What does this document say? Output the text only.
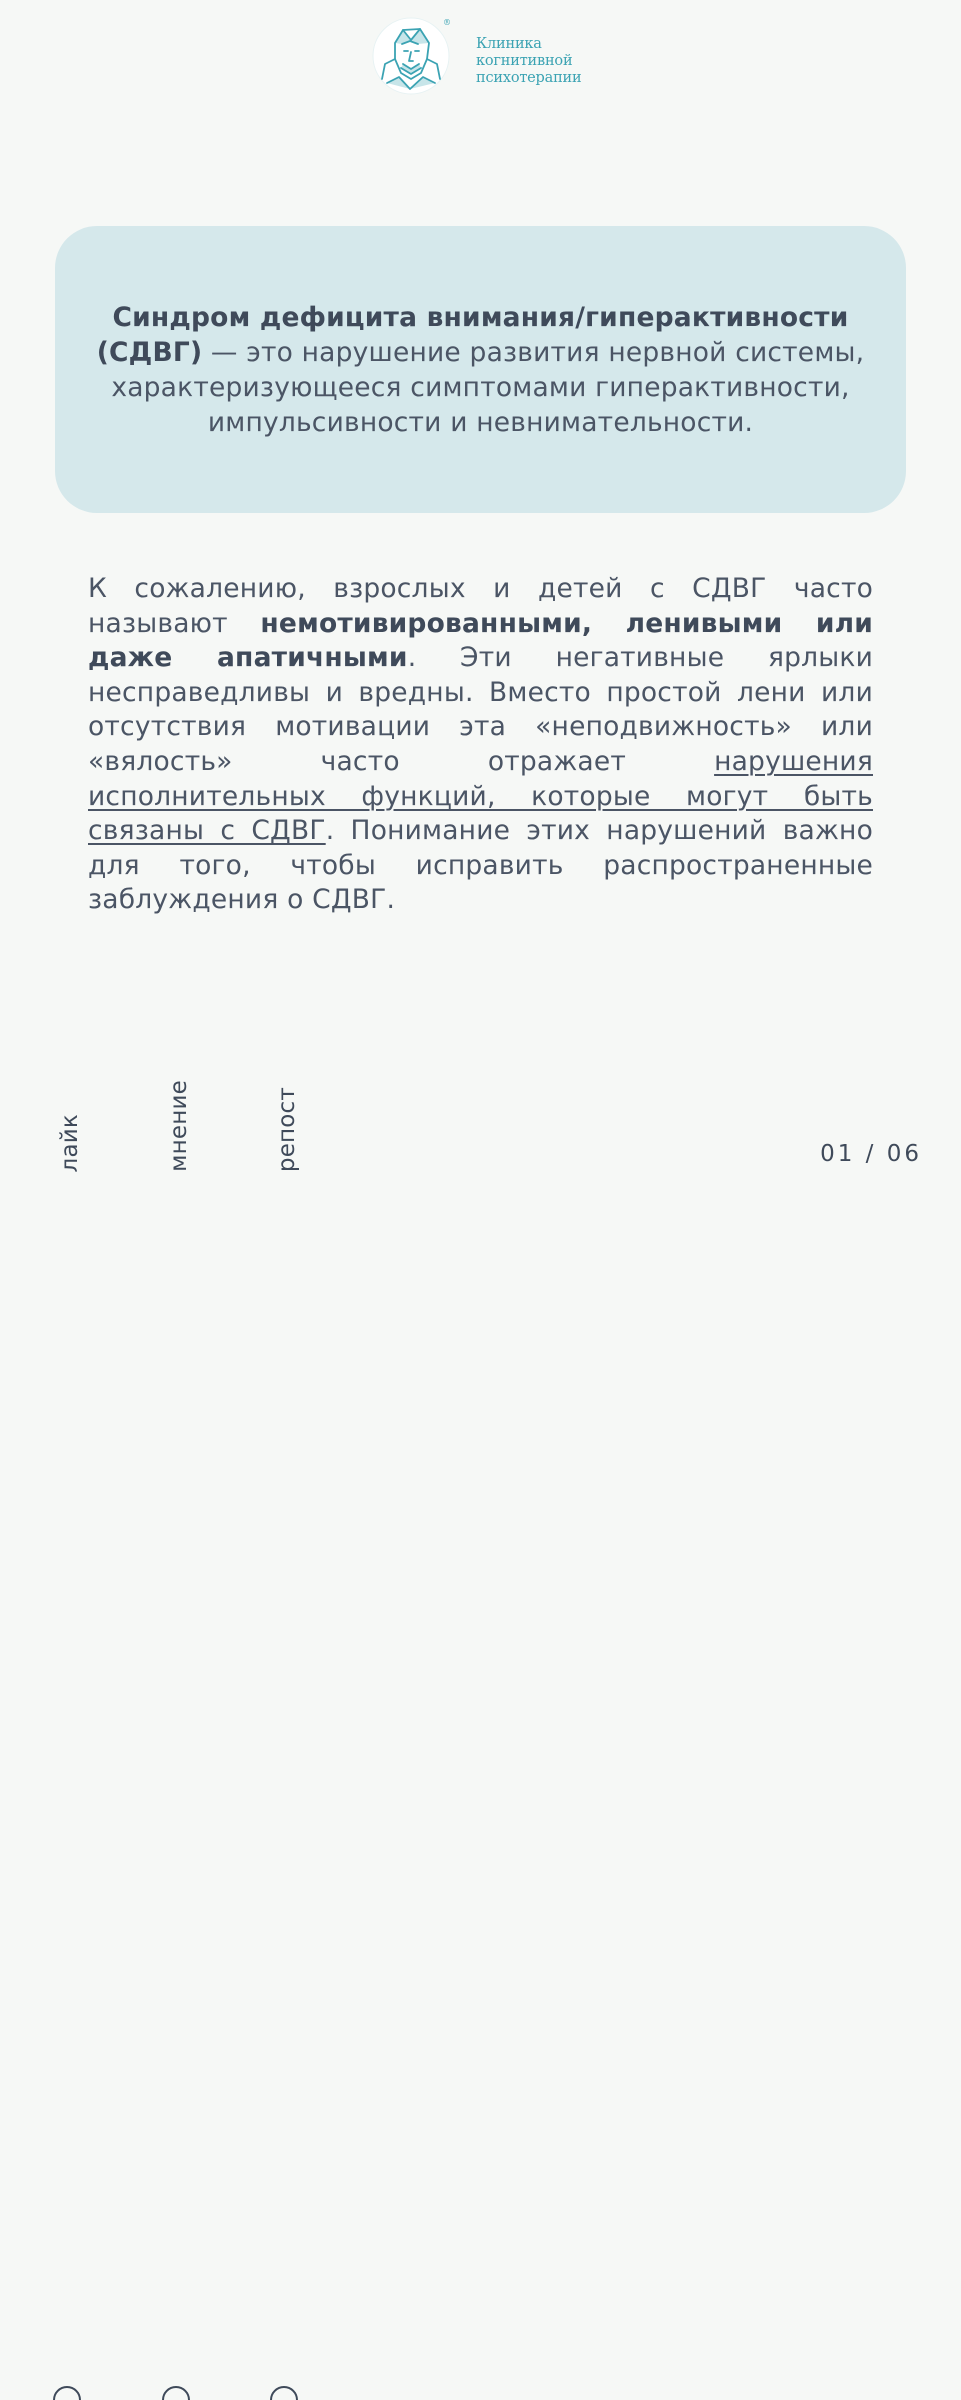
®
Клиника
когнитивной
психотерапии

Синдром дефицита внимания/гиперактивности (СДВГ) — это нарушение развития нервной системы, характеризующееся симптомами гиперактивности, импульсивности и невнимательности.

К сожалению, взрослых и детей с СДВГ часто называют немотивированными, ленивыми или даже апатичными. Эти негативные ярлыки несправедливы и вредны. Вместо простой лени или отсутствия мотивации эта «неподвижность» или «вялость» часто отражает нарушения исполнительных функций, которые могут быть связаны с СДВГ. Понимание этих нарушений важно для того, чтобы исправить распространенные заблуждения о СДВГ.

лайк	мнение	репост	01 / 06
